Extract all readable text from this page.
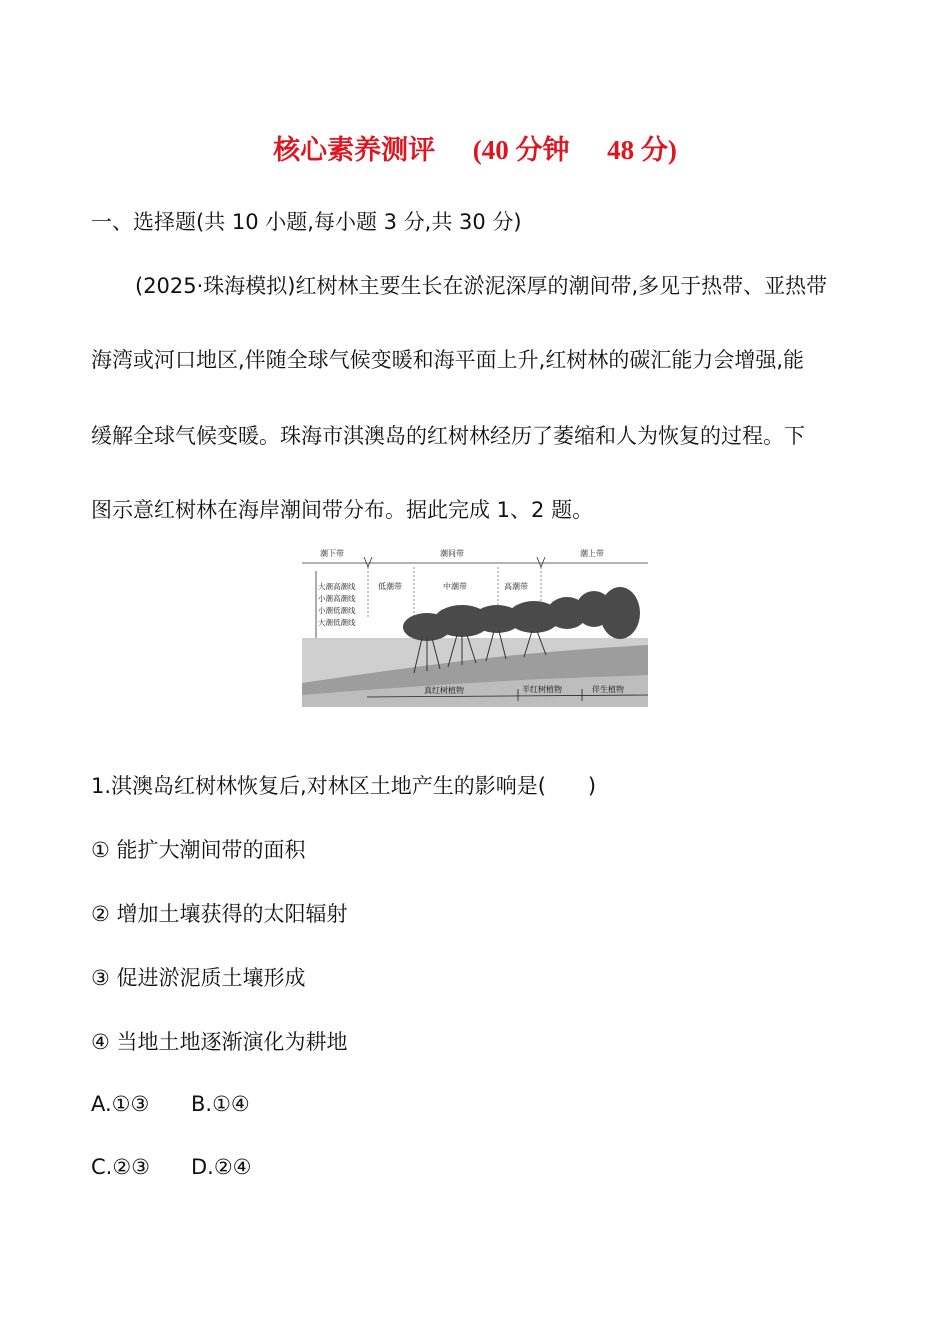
核心素养测评 (40 分钟 48 分)
一、选择题(共 10 小题,每小题 3 分,共 30 分)
(2025·珠海模拟)红树林主要生长在淤泥深厚的潮间带,多见于热带、亚热带
海湾或河口地区,伴随全球气候变暖和海平面上升,红树林的碳汇能力会增强,能
缓解全球气候变暖。珠海市淇澳岛的红树林经历了萎缩和人为恢复的过程。下
图示意红树林在海岸潮间带分布。据此完成 1、2 题。
潮下带	潮间带	潮上带
低潮带	中潮带	高潮带
大潮高潮线
小潮高潮线
小潮低潮线
大潮低潮线
真红树植物	半红树植物	伴生植物
1.淇澳岛红树林恢复后,对林区土地产生的影响是(　　)
① 能扩大潮间带的面积
② 增加土壤获得的太阳辐射
③ 促进淤泥质土壤形成
④ 当地土地逐渐演化为耕地
A.①③ B.①④
C.②③ D.②④
